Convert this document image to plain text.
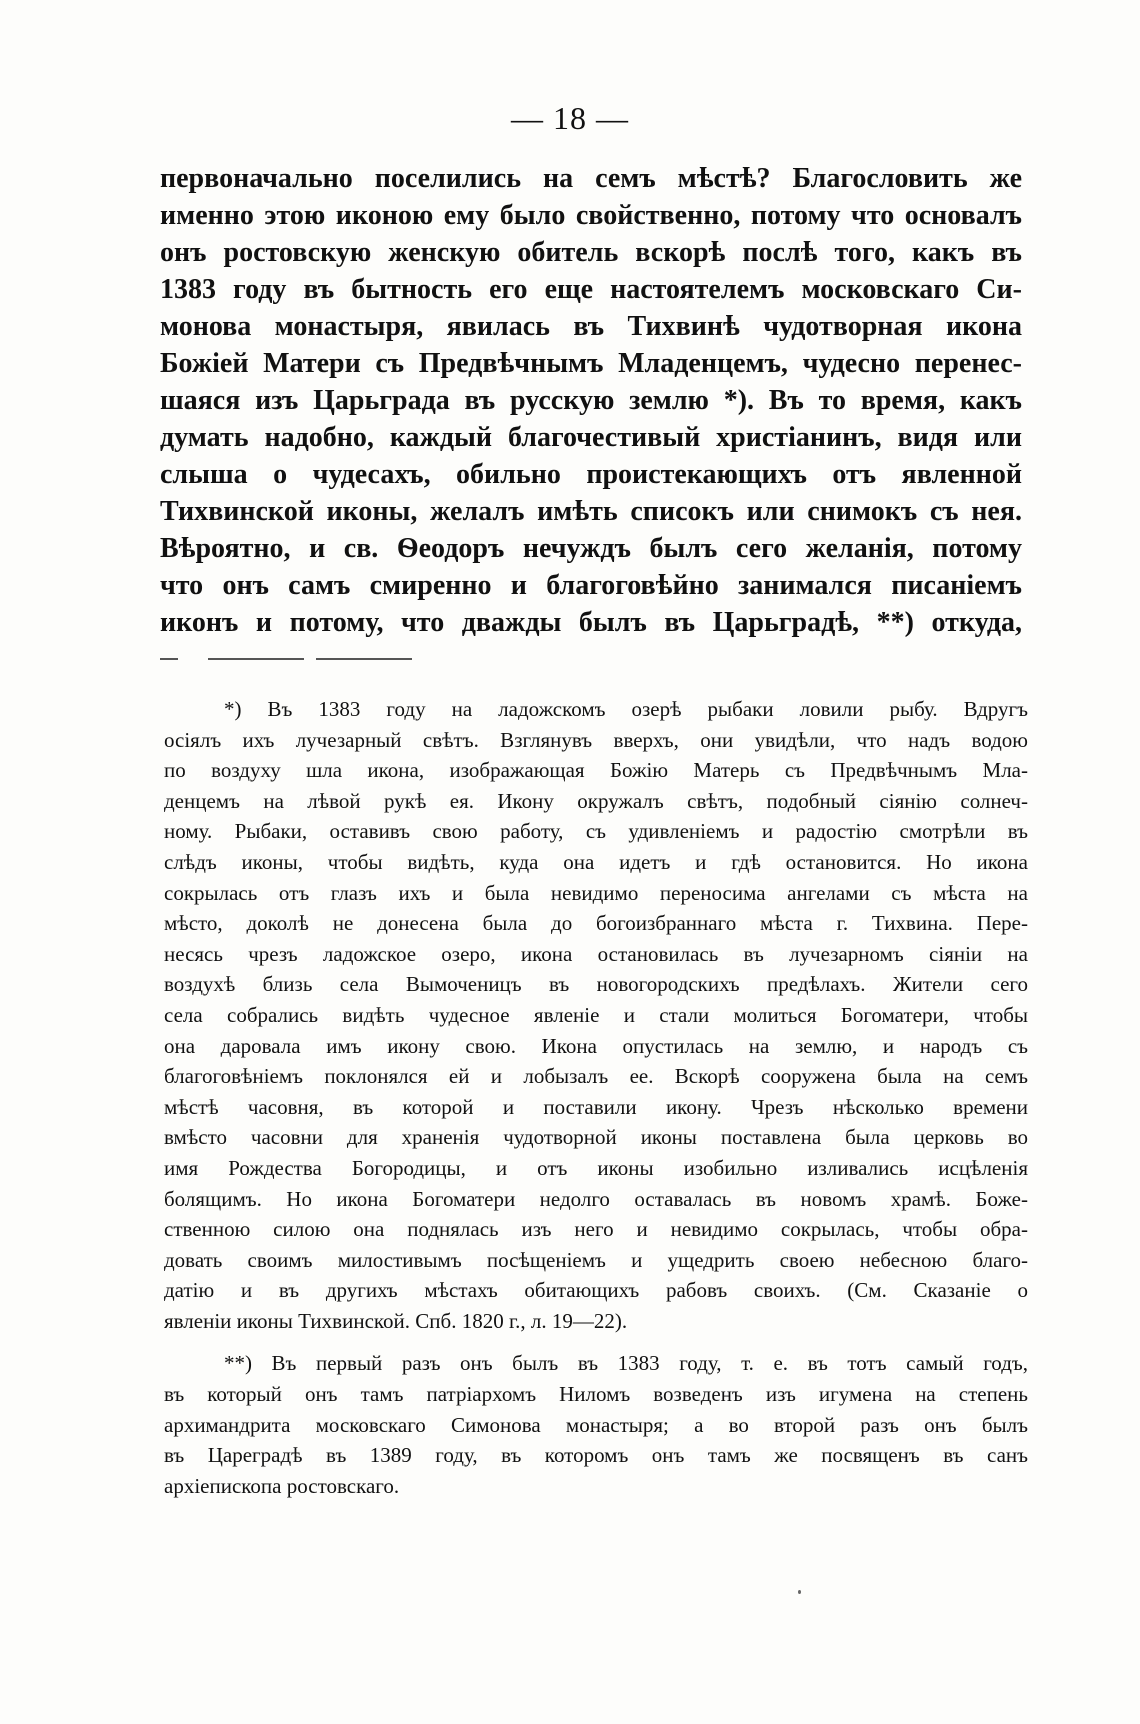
— 18 —
первоначально поселились на семъ мѣстѣ? Благословить же
именно этою иконою ему было свойственно, потому что основалъ
онъ ростовскую женскую обитель вскорѣ послѣ того, какъ въ
1383 году въ бытность его еще настоятелемъ московскаго Си-
монова монастыря, явилась въ Тихвинѣ чудотворная икона
Божіей Матери съ Предвѣчнымъ Младенцемъ, чудесно перенес-
шаяся изъ Царьграда въ русскую землю *). Въ то время, какъ
думать надобно, каждый благочестивый христіанинъ, видя или
слыша о чудесахъ, обильно проистекающихъ отъ явленной
Тихвинской иконы, желалъ имѣть списокъ или снимокъ съ нея.
Вѣроятно, и св. Ѳеодоръ нечуждъ былъ сего желанія, потому
что онъ самъ смиренно и благоговѣйно занимался писаніемъ
иконъ и потому, что дважды былъ въ Царьградѣ, **) откуда,
*) Въ 1383 году на ладожскомъ озерѣ рыбаки ловили рыбу. Вдругъ
осіялъ ихъ лучезарный свѣтъ. Взглянувъ вверхъ, они увидѣли, что надъ водою
по воздуху шла икона, изображающая Божію Матерь съ Предвѣчнымъ Мла-
денцемъ на лѣвой рукѣ ея. Икону окружалъ свѣтъ, подобный сіянію солнеч-
ному. Рыбаки, оставивъ свою работу, съ удивленіемъ и радостію смотрѣли въ
слѣдъ иконы, чтобы видѣть, куда она идетъ и гдѣ остановится. Но икона
сокрылась отъ глазъ ихъ и была невидимо переносима ангелами съ мѣста на
мѣсто, доколѣ не донесена была до богоизбраннаго мѣста г. Тихвина. Пере-
несясь чрезъ ладожское озеро, икона остановилась въ лучезарномъ сіяніи на
воздухѣ близь села Вымоченицъ въ новогородскихъ предѣлахъ. Жители сего
села собрались видѣть чудесное явленіе и стали молиться Богоматери, чтобы
она даровала имъ икону свою. Икона опустилась на землю, и народъ съ
благоговѣніемъ поклонялся ей и лобызалъ ее. Вскорѣ сооружена была на семъ
мѣстѣ часовня, въ которой и поставили икону. Чрезъ нѣсколько времени
вмѣсто часовни для храненія чудотворной иконы поставлена была церковь во
имя Рождества Богородицы, и отъ иконы изобильно изливались исцѣленія
болящимъ. Но икона Богоматери недолго оставалась въ новомъ храмѣ. Боже-
ственною силою она поднялась изъ него и невидимо сокрылась, чтобы обра-
довать своимъ милостивымъ посѣщеніемъ и ущедрить своею небесною благо-
датію и въ другихъ мѣстахъ обитающихъ рабовъ своихъ. (См. Сказаніе о
явленіи иконы Тихвинской. Спб. 1820 г., л. 19—22).
**) Въ первый разъ онъ былъ въ 1383 году, т. е. въ тотъ самый годъ,
въ который онъ тамъ патріархомъ Ниломъ возведенъ изъ игумена на степень
архимандрита московскаго Симонова монастыря; а во второй разъ онъ былъ
въ Цареградѣ въ 1389 году, въ которомъ онъ тамъ же посвященъ въ санъ
архіепископа ростовскаго.
